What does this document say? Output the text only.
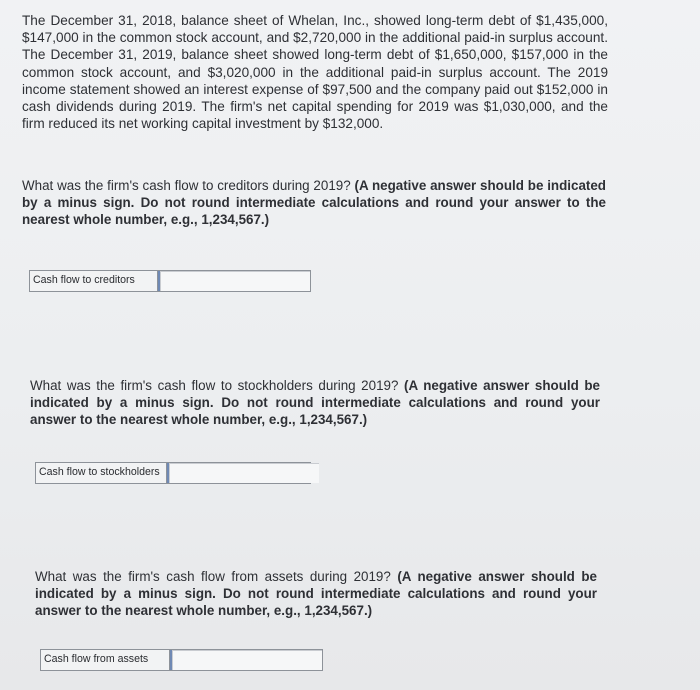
The December 31, 2018, balance sheet of Whelan, Inc., showed long-term debt of $1,435,000, $147,000 in the common stock account, and $2,720,000 in the additional paid-in surplus account. The December 31, 2019, balance sheet showed long-term debt of $1,650,000, $157,000 in the common stock account, and $3,020,000 in the additional paid-in surplus account. The 2019 income statement showed an interest expense of $97,500 and the company paid out $152,000 in cash dividends during 2019. The firm's net capital spending for 2019 was $1,030,000, and the firm reduced its net working capital investment by $132,000.

What was the firm's cash flow to creditors during 2019? (A negative answer should be indicated by a minus sign. Do not round intermediate calculations and round your answer to the nearest whole number, e.g., 1,234,567.)

Cash flow to creditors

What was the firm's cash flow to stockholders during 2019? (A negative answer should be indicated by a minus sign. Do not round intermediate calculations and round your answer to the nearest whole number, e.g., 1,234,567.)

Cash flow to stockholders

What was the firm's cash flow from assets during 2019? (A negative answer should be indicated by a minus sign. Do not round intermediate calculations and round your answer to the nearest whole number, e.g., 1,234,567.)

Cash flow from assets
